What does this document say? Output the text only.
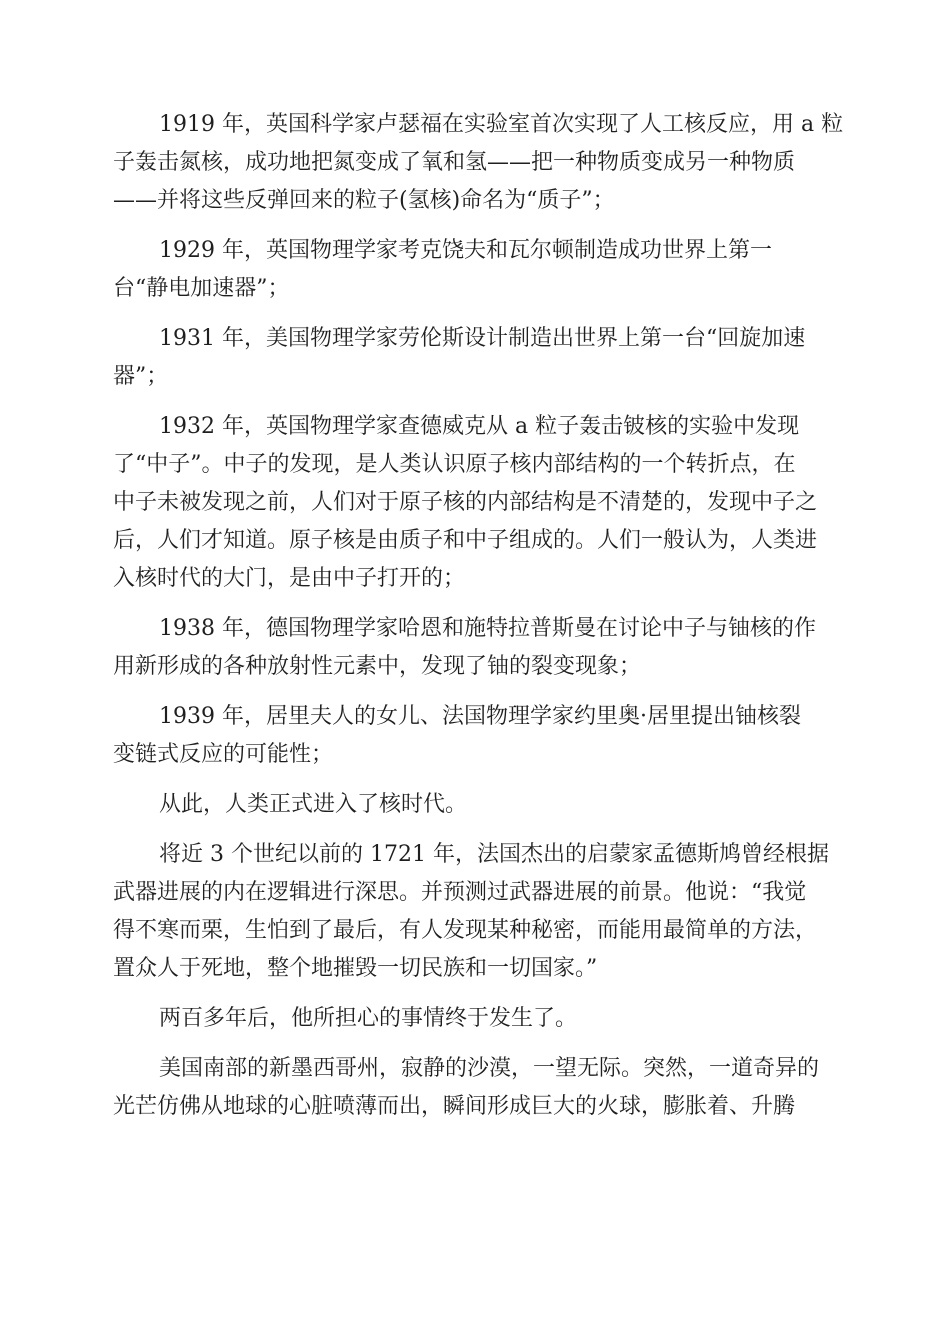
1919 年，英国科学家卢瑟福在实验室首次实现了人工核反应，用 a 粒
子轰击氮核，成功地把氮变成了氧和氢——把一种物质变成另一种物质
——并将这些反弹回来的粒子(氢核)命名为“质子”；

1929 年，英国物理学家考克饶夫和瓦尔顿制造成功世界上第一
台“静电加速器”；

1931 年，美国物理学家劳伦斯设计制造出世界上第一台“回旋加速
器”；

1932 年，英国物理学家查德威克从 a 粒子轰击铍核的实验中发现
了“中子”。中子的发现，是人类认识原子核内部结构的一个转折点，在
中子未被发现之前，人们对于原子核的内部结构是不清楚的，发现中子之
后，人们才知道。原子核是由质子和中子组成的。人们一般认为，人类进
入核时代的大门，是由中子打开的；

1938 年，德国物理学家哈恩和施特拉普斯曼在讨论中子与铀核的作
用新形成的各种放射性元素中，发现了铀的裂变现象；

1939 年，居里夫人的女儿、法国物理学家约里奥·居里提出铀核裂
变链式反应的可能性；

从此，人类正式进入了核时代。

将近 3 个世纪以前的 1721 年，法国杰出的启蒙家孟德斯鸠曾经根据
武器进展的内在逻辑进行深思。并预测过武器进展的前景。他说：“我觉
得不寒而栗，生怕到了最后，有人发现某种秘密，而能用最简单的方法，
置众人于死地，整个地摧毁一切民族和一切国家。”

两百多年后，他所担心的事情终于发生了。

美国南部的新墨西哥州，寂静的沙漠，一望无际。突然，一道奇异的
光芒仿佛从地球的心脏喷薄而出，瞬间形成巨大的火球，膨胀着、升腾
